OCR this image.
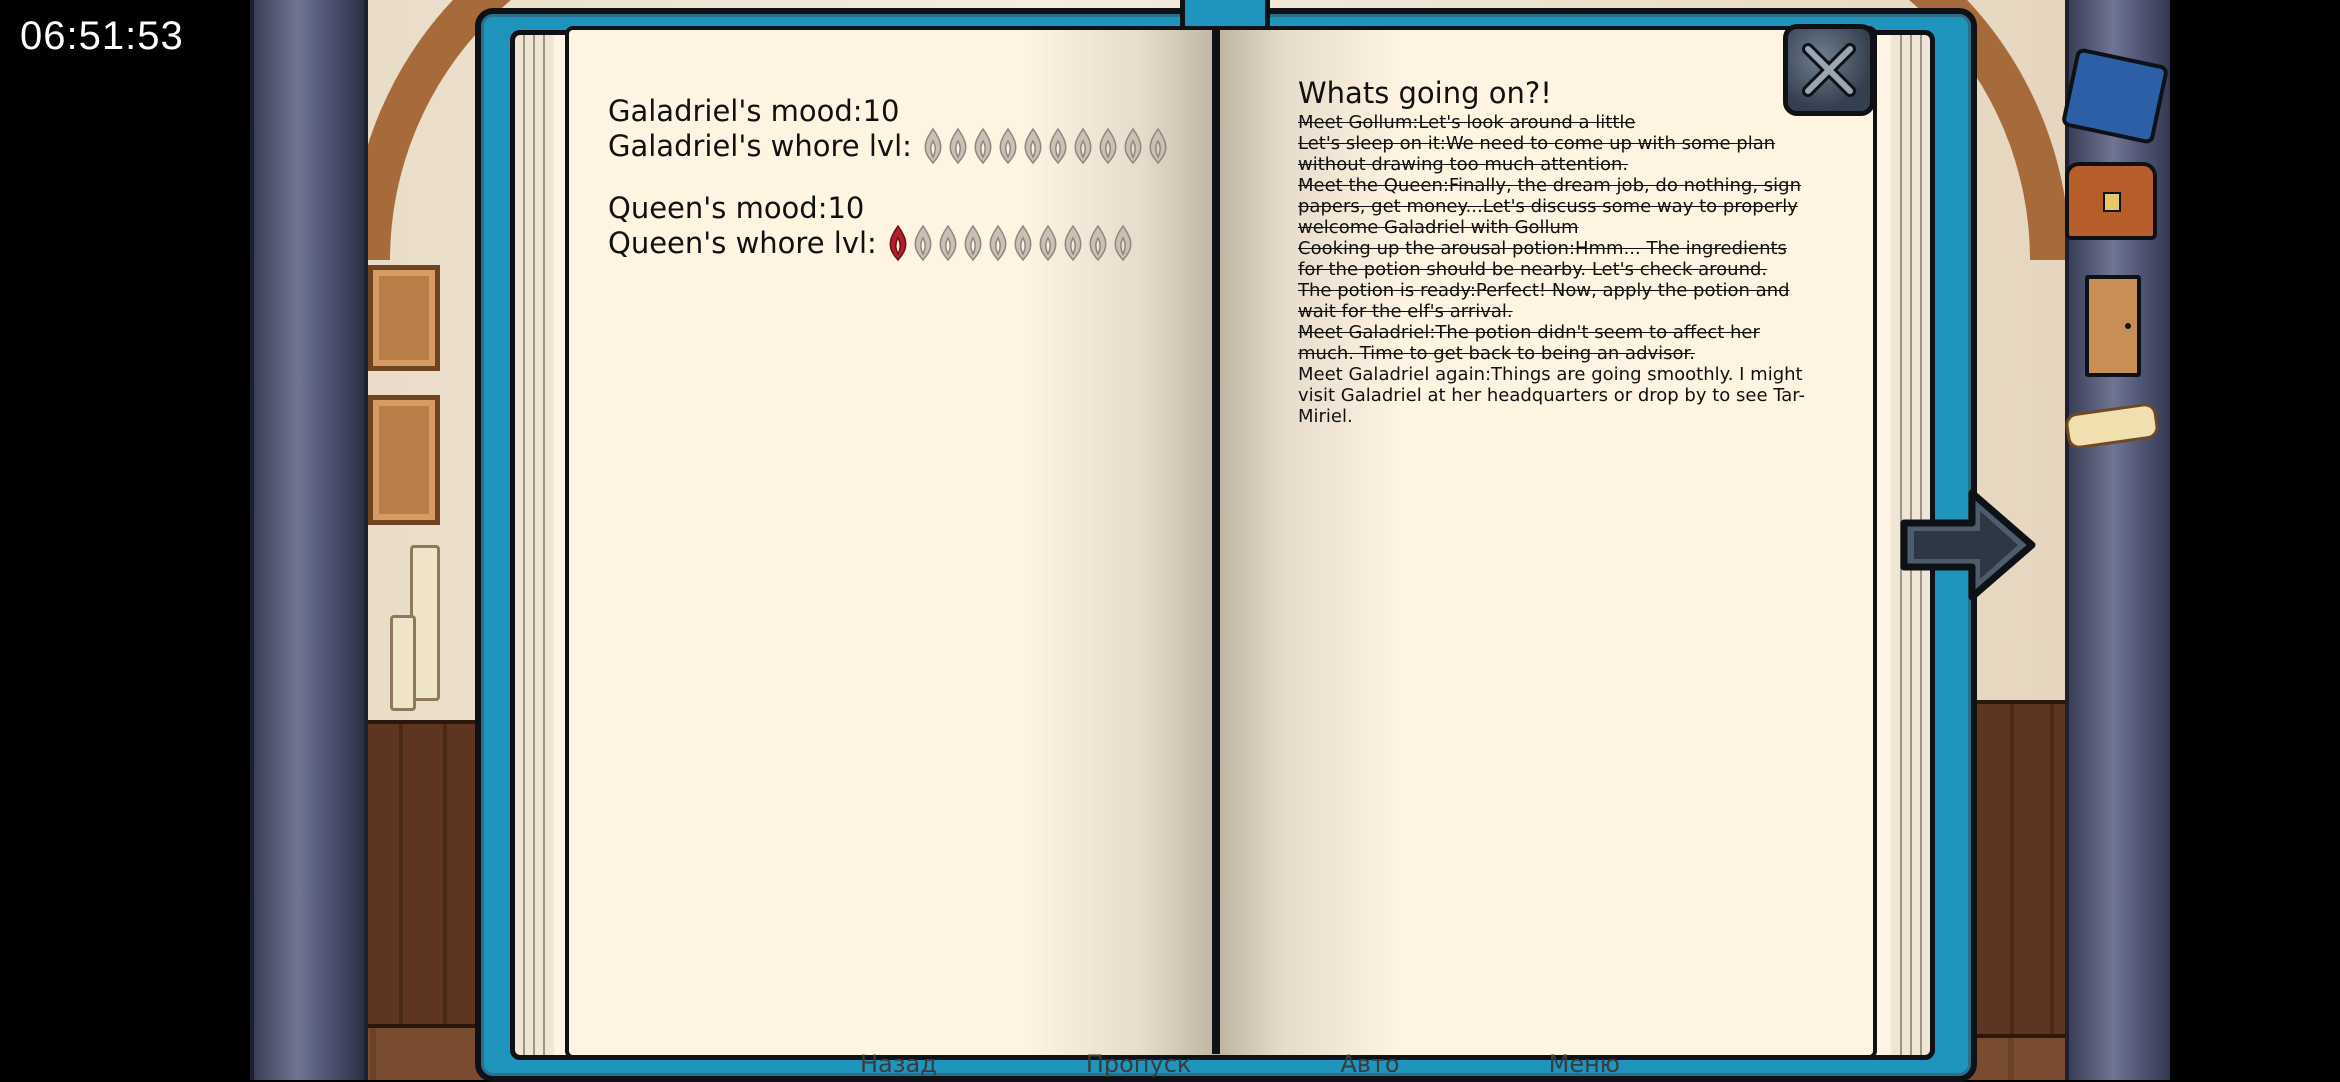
06:51:53
Galadriel's mood:10
Galadriel's whore lvl:
Queen's mood:10
Queen's whore lvl:
Whats going on?!
Meet Gollum:Let's look around a little
Let's sleep on it:We need to come up with some plan without drawing too much attention.
Meet the Queen:Finally, the dream job, do nothing, sign papers, get money...Let's discuss some way to properly welcome Galadriel with Gollum
Cooking up the arousal potion:Hmm... The ingredients for the potion should be nearby. Let's check around.
The potion is ready:Perfect! Now, apply the potion and wait for the elf's arrival.
Meet Galadriel:The potion didn't seem to affect her much. Time to get back to being an advisor.
Meet Galadriel again:Things are going smoothly. I might visit Galadriel at her headquarters or drop by to see Tar-Miriel.
Назад	Пропуск	Авто	Меню
